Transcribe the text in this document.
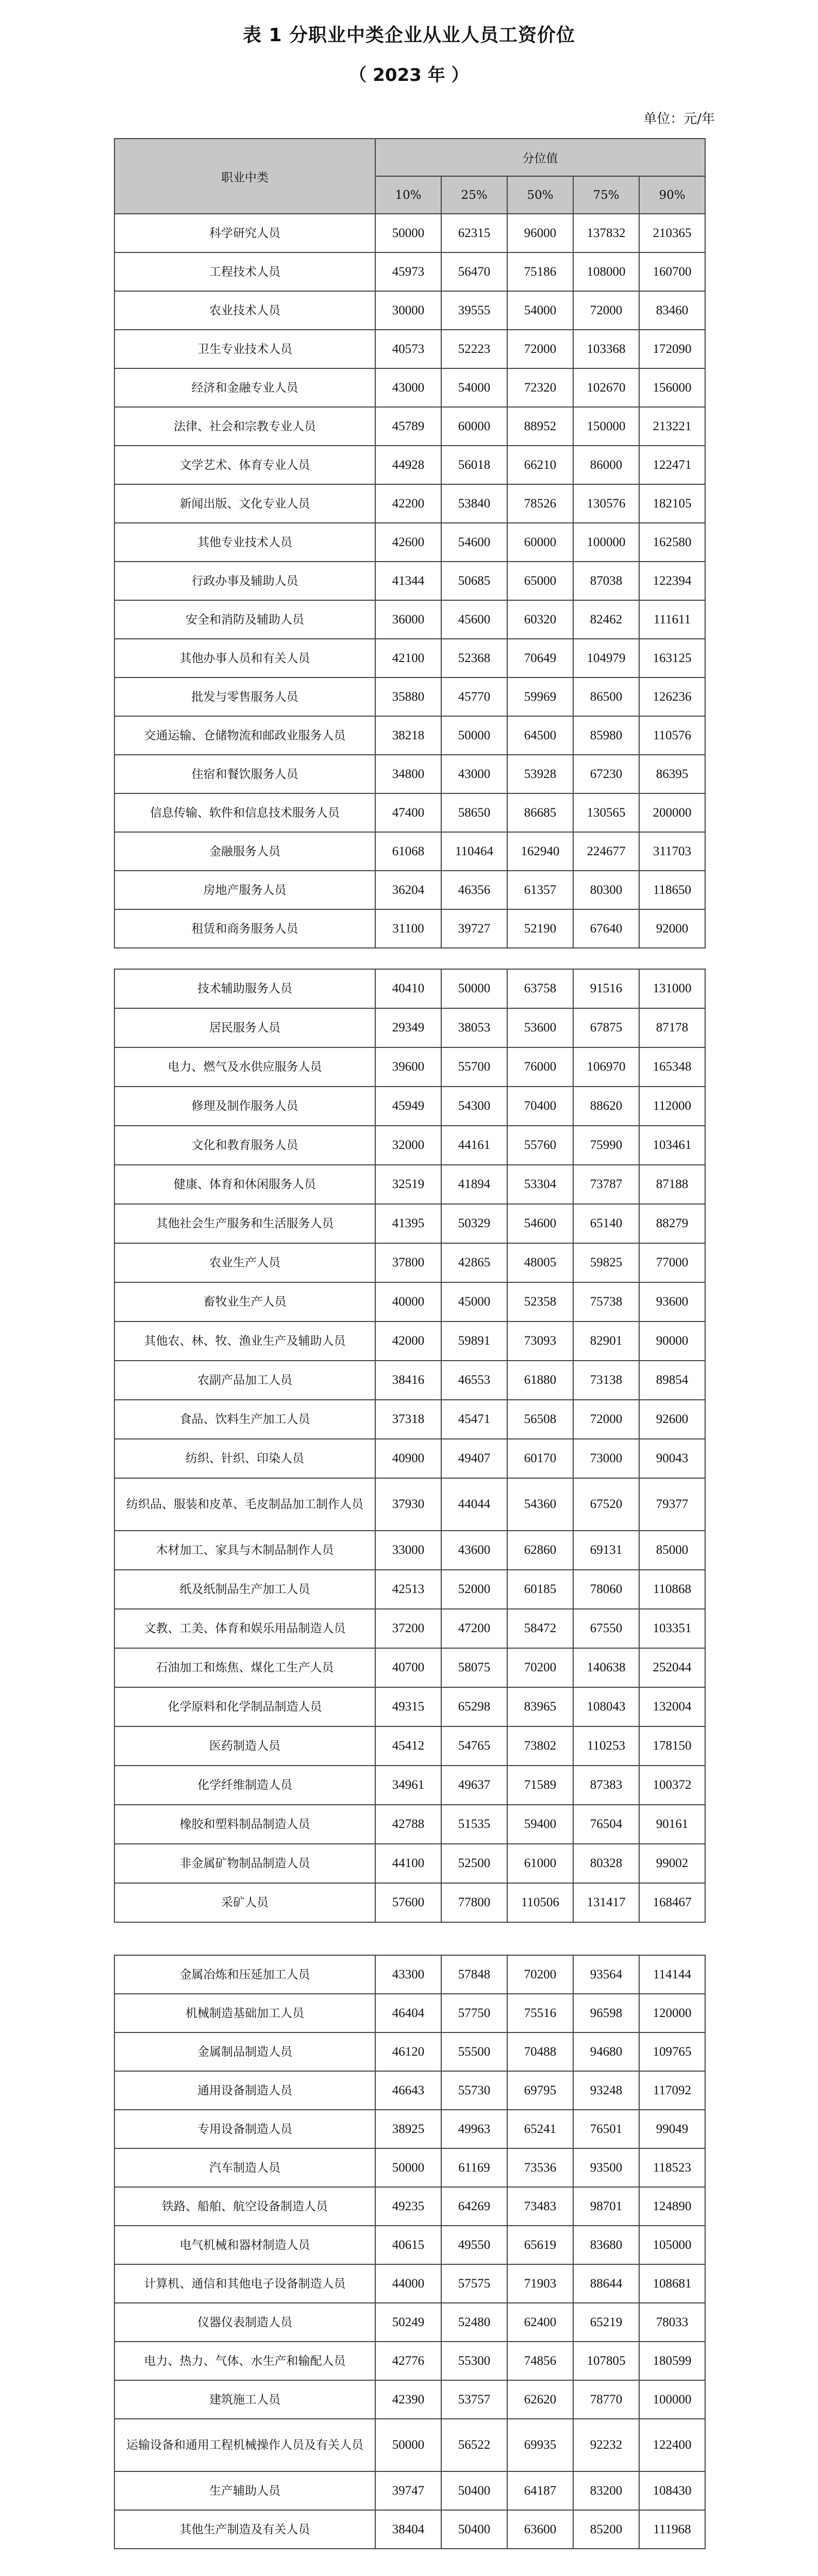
表 1 分职业中类企业从业人员工资价位
（ 2023 年 ）
单位：元/年
职业中类	分位值				
	10%	25%	50%	75%	90%
科学研究人员	50000	62315	96000	137832	210365
工程技术人员	45973	56470	75186	108000	160700
农业技术人员	30000	39555	54000	72000	83460
卫生专业技术人员	40573	52223	72000	103368	172090
经济和金融专业人员	43000	54000	72320	102670	156000
法律、社会和宗教专业人员	45789	60000	88952	150000	213221
文学艺术、体育专业人员	44928	56018	66210	86000	122471
新闻出版、文化专业人员	42200	53840	78526	130576	182105
其他专业技术人员	42600	54600	60000	100000	162580
行政办事及辅助人员	41344	50685	65000	87038	122394
安全和消防及辅助人员	36000	45600	60320	82462	111611
其他办事人员和有关人员	42100	52368	70649	104979	163125
批发与零售服务人员	35880	45770	59969	86500	126236
交通运输、仓储物流和邮政业服务人员	38218	50000	64500	85980	110576
住宿和餐饮服务人员	34800	43000	53928	67230	86395
信息传输、软件和信息技术服务人员	47400	58650	86685	130565	200000
金融服务人员	61068	110464	162940	224677	311703
房地产服务人员	36204	46356	61357	80300	118650
租赁和商务服务人员	31100	39727	52190	67640	92000
技术辅助服务人员	40410	50000	63758	91516	131000
居民服务人员	29349	38053	53600	67875	87178
电力、燃气及水供应服务人员	39600	55700	76000	106970	165348
修理及制作服务人员	45949	54300	70400	88620	112000
文化和教育服务人员	32000	44161	55760	75990	103461
健康、体育和休闲服务人员	32519	41894	53304	73787	87188
其他社会生产服务和生活服务人员	41395	50329	54600	65140	88279
农业生产人员	37800	42865	48005	59825	77000
畜牧业生产人员	40000	45000	52358	75738	93600
其他农、林、牧、渔业生产及辅助人员	42000	59891	73093	82901	90000
农副产品加工人员	38416	46553	61880	73138	89854
食品、饮料生产加工人员	37318	45471	56508	72000	92600
纺织、针织、印染人员	40900	49407	60170	73000	90043
纺织品、服装和皮革、毛皮制品加工制作人员	37930	44044	54360	67520	79377
木材加工、家具与木制品制作人员	33000	43600	62860	69131	85000
纸及纸制品生产加工人员	42513	52000	60185	78060	110868
文教、工美、体育和娱乐用品制造人员	37200	47200	58472	67550	103351
石油加工和炼焦、煤化工生产人员	40700	58075	70200	140638	252044
化学原料和化学制品制造人员	49315	65298	83965	108043	132004
医药制造人员	45412	54765	73802	110253	178150
化学纤维制造人员	34961	49637	71589	87383	100372
橡胶和塑料制品制造人员	42788	51535	59400	76504	90161
非金属矿物制品制造人员	44100	52500	61000	80328	99002
采矿人员	57600	77800	110506	131417	168467
金属冶炼和压延加工人员	43300	57848	70200	93564	114144
机械制造基础加工人员	46404	57750	75516	96598	120000
金属制品制造人员	46120	55500	70488	94680	109765
通用设备制造人员	46643	55730	69795	93248	117092
专用设备制造人员	38925	49963	65241	76501	99049
汽车制造人员	50000	61169	73536	93500	118523
铁路、船舶、航空设备制造人员	49235	64269	73483	98701	124890
电气机械和器材制造人员	40615	49550	65619	83680	105000
计算机、通信和其他电子设备制造人员	44000	57575	71903	88644	108681
仪器仪表制造人员	50249	52480	62400	65219	78033
电力、热力、气体、水生产和输配人员	42776	55300	74856	107805	180599
建筑施工人员	42390	53757	62620	78770	100000
运输设备和通用工程机械操作人员及有关人员	50000	56522	69935	92232	122400
生产辅助人员	39747	50400	64187	83200	108430
其他生产制造及有关人员	38404	50400	63600	85200	111968
